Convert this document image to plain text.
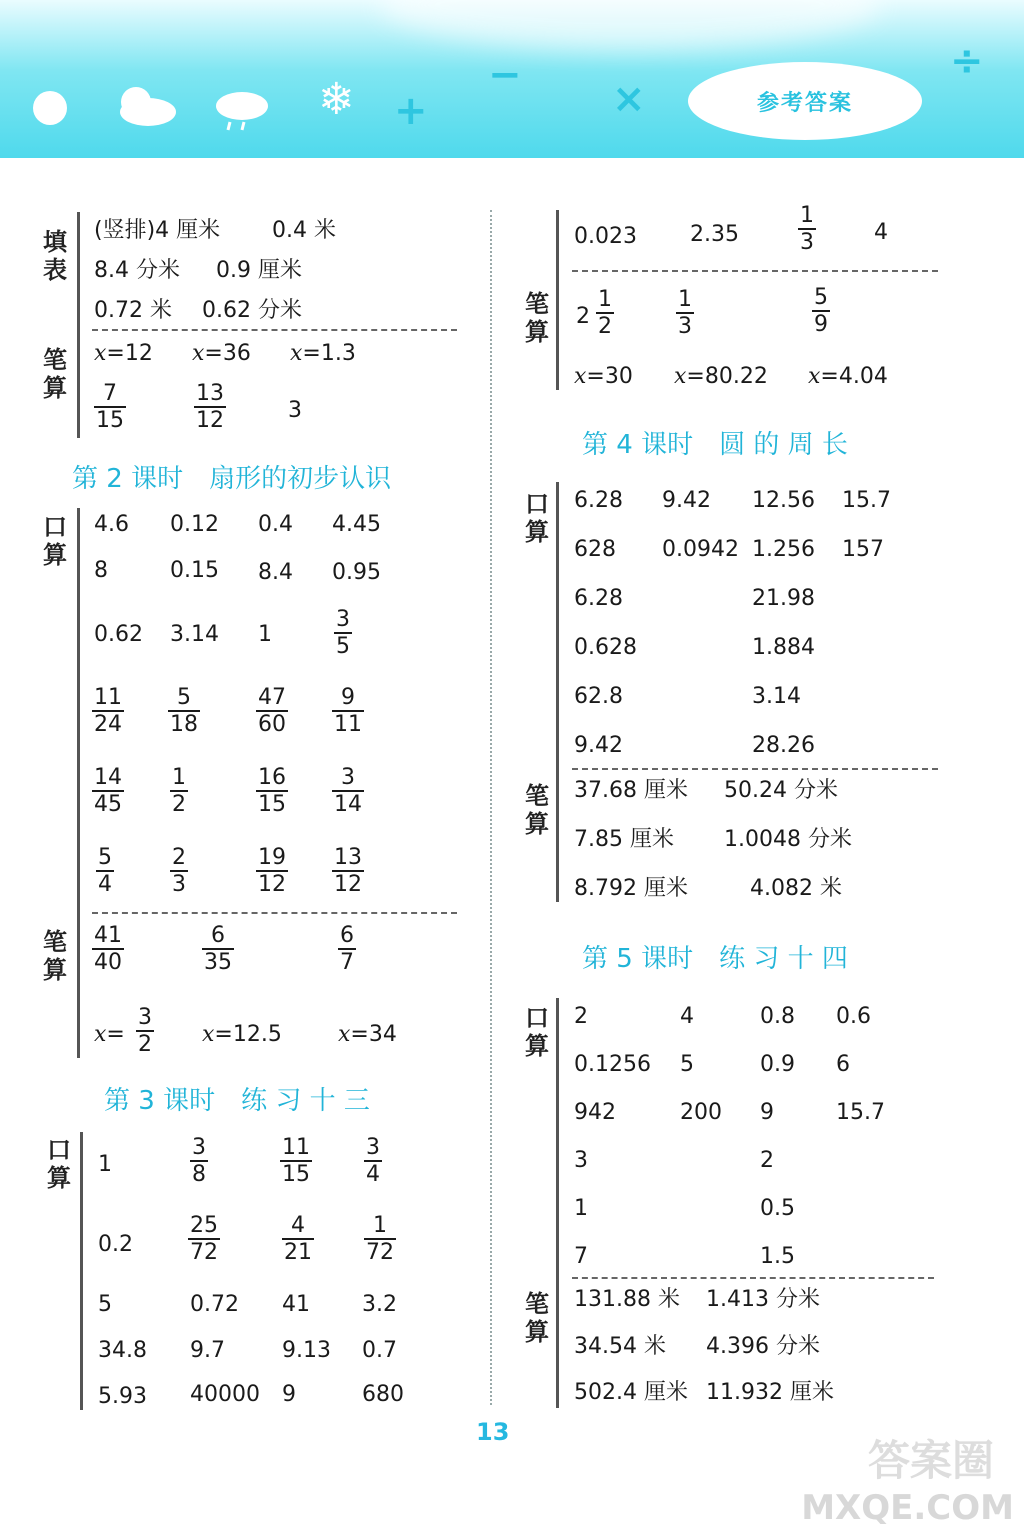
❄ +
−
×
÷
参考答案
填表
(竖排)4 厘米 0.4 米
8.4 分米 0.9 厘米
0.72 米 0.62 分米
笔算
x=12 x=36 x=1.3
$\frac{7}{15}$	$\frac{13}{12}$	3
第 2 课时　扇形的初步认识
口算
4.6 0.12 0.4 4.45
8	0.15 8.4 0.95
0.62 3.14 1	$\frac{3}{5}$
$\frac{11}{24} \frac{5}{18}$	$\frac{47}{60} \frac{9}{11}$
$\frac{14}{45} \frac{1}{2}$	$\frac{16}{15} \frac{3}{14}$
$\frac{5}{4}$	$\frac{2}{3}$	$\frac{19}{12} \frac{13}{12}$
笔算 $\frac{41}{40}$	$\frac{6}{35}$	$\frac{6}{7}$
$x= \frac{3}{2} x=12.5$	x=34
第 3 课时　练 习 十 三
口算 1	$\frac{3}{8}$	$\frac{11}{15} \frac{3}{4}$
0.2	$\frac{25}{72}$	$\frac{4}{21} \frac{1}{72}$
5	0.72 41 3.2
34.8 9.7	9.13 0.7
5.93 40000 9	680
0.023 2.35	$\frac{1}{3}$	4
笔算
$2 \frac{1}{2}$	$\frac{1}{3}$	$\frac{5}{9}$
x=30 x=80.22 x=4.04
第 4 课时　圆 的 周 长
口算
6.28 9.42 12.56 15.7
628 0.0942 1.256 157
6.28	21.98
0.628	1.884
62.8	3.14
9.42	28.26
笔算
37.68 厘米 50.24 分米
7.85 厘米 1.0048 分米
8.792 厘米	4.082 米
第 5 课时　练 习 十 四
口算
2	4	0.8 0.6
0.1256 5	0.9 6
942	200 9	15.7
3	2
1	0.5
7	1.5
笔算
131.88 米 1.413 分米
34.54 米 4.396 分米
502.4 厘米 11.932 厘米
13
答案圈
MXQE.COM
